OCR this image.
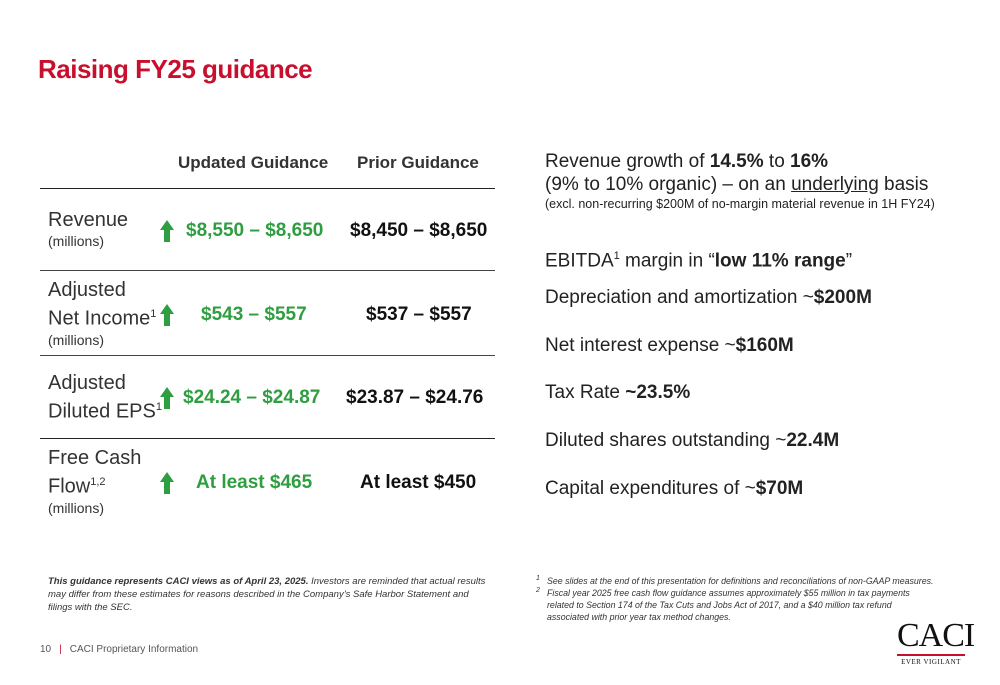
Raising FY25 guidance
Updated Guidance Prior Guidance
Revenue
(millions)	$8,550 – $8,650 $8,450 – $8,650
Adjusted
Net Income$^1$
(millions)
$543 – $557	$537 – $557
Adjusted
Diluted EPS$^1$ $24.24 – $24.87 $23.87 – $24.76
Free Cash
Flow$^{1,2}$
(millions)
At least $465	At least $450
Revenue growth of 14.5% to 16%
(9% to 10% organic) – on an underlying basis
(excl. non-recurring $200M of no-margin material revenue in 1H FY24)
EBITDA$^1$ margin in “low 11% range”
Depreciation and amortization ~$200M
Net interest expense ~$160M
Tax Rate ~23.5%
Diluted shares outstanding ~22.4M
Capital expenditures of ~$70M
This guidance represents CACI views as of April 23, 2025. Investors are reminded that actual results may differ from these estimates for reasons described in the Company’s Safe Harbor Statement and filings with the SEC.
1 See slides at the end of this presentation for definitions and reconciliations of non-GAAP measures.
2 Fiscal year 2025 free cash flow guidance assumes approximately $55 million in tax payments related to Section 174 of the Tax Cuts and Jobs Act of 2017, and a $40 million tax refund associated with prior year tax method changes.
10 | CACI Proprietary Information	CACI
EVER VIGILANT
